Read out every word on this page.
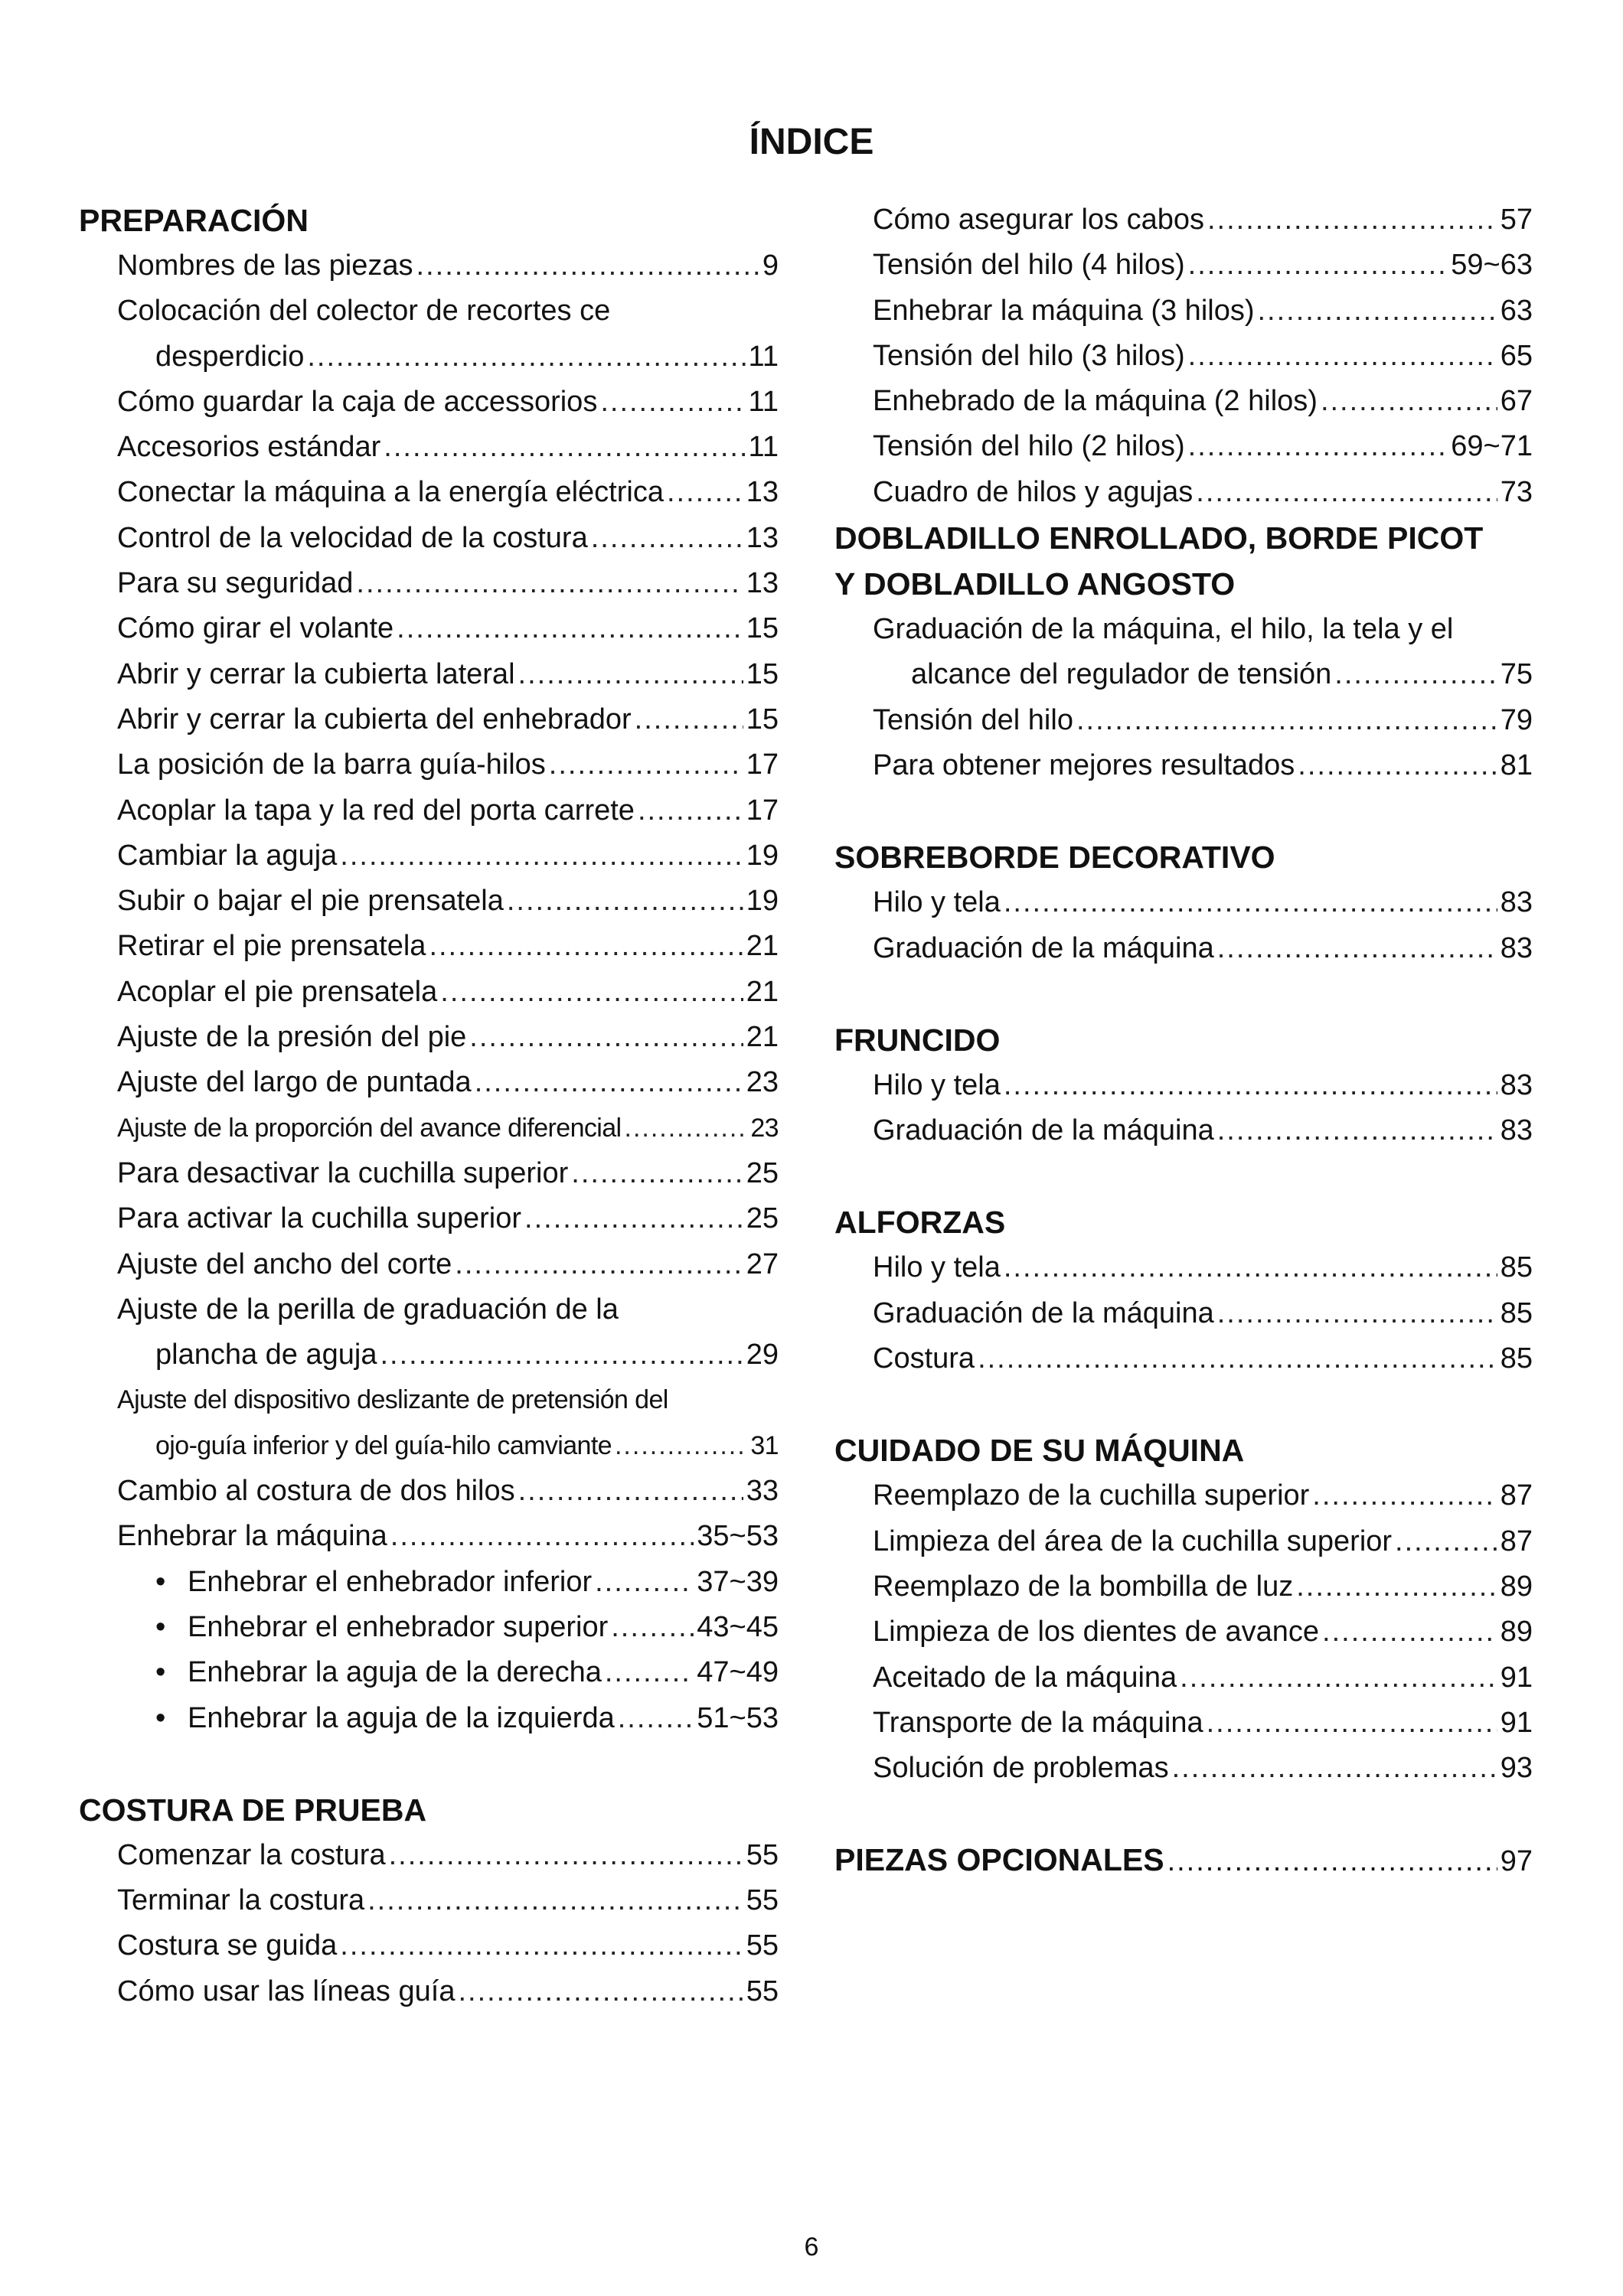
ÍNDICE
PREPARACIÓN
Nombres de las piezas .....	9
Colocación del colector de recortes ce
desperdicio .....	11
Cómo guardar la caja de accessorios .....	11
Accesorios estándar .....	11
Conectar la máquina a la energía eléctrica .....	13
Control de la velocidad de la costura .....	13
Para su seguridad .....	13
Cómo girar el volante .....	15
Abrir y cerrar la cubierta lateral .....	15
Abrir y cerrar la cubierta del enhebrador .....	15
La posición de la barra guía-hilos .....	17
Acoplar la tapa y la red del porta carrete .....	17
Cambiar la aguja .....	19
Subir o bajar el pie prensatela .....	19
Retirar el pie prensatela .....	21
Acoplar el pie prensatela .....	21
Ajuste de la presión del pie .....	21
Ajuste del largo de puntada .....	23
Ajuste de la proporción del avance diferencial .....	23
Para desactivar la cuchilla superior .....	25
Para activar la cuchilla superior .....	25
Ajuste del ancho del corte .....	27
Ajuste de la perilla de graduación de la
plancha de aguja .....	29
Ajuste del dispositivo deslizante de pretensión del
ojo-guía inferior y del guía-hilo camviante .....	31
Cambio al costura de dos hilos .....	33
Enhebrar la máquina .....	35~53
• Enhebrar el enhebrador inferior .....	37~39
• Enhebrar el enhebrador superior .....	43~45
• Enhebrar la aguja de la derecha .....	47~49
• Enhebrar la aguja de la izquierda .....	51~53
COSTURA DE PRUEBA
Comenzar la costura .....	55
Terminar la costura .....	55
Costura se guida .....	55
Cómo usar las líneas guía .....	55
Cómo asegurar los cabos .....	57
Tensión del hilo (4 hilos) .....	59~63
Enhebrar la máquina (3 hilos) .....	63
Tensión del hilo (3 hilos) .....	65
Enhebrado de la máquina (2 hilos) .....	67
Tensión del hilo (2 hilos) .....	69~71
Cuadro de hilos y agujas .....	73
DOBLADILLO ENROLLADO, BORDE PICOT
Y DOBLADILLO ANGOSTO
Graduación de la máquina, el hilo, la tela y el
alcance del regulador de tensión .....	75
Tensión del hilo .....	79
Para obtener mejores resultados .....	81
SOBREBORDE DECORATIVO
Hilo y tela .....	83
Graduación de la máquina .....	83
FRUNCIDO
Hilo y tela .....	83
Graduación de la máquina .....	83
ALFORZAS
Hilo y tela .....	85
Graduación de la máquina .....	85
Costura .....	85
CUIDADO DE SU MÁQUINA
Reemplazo de la cuchilla superior .....	87
Limpieza del área de la cuchilla superior .....	87
Reemplazo de la bombilla de luz .....	89
Limpieza de los dientes de avance .....	89
Aceitado de la máquina .....	91
Transporte de la máquina .....	91
Solución de problemas .....	93
PIEZAS OPCIONALES .....	97
6
